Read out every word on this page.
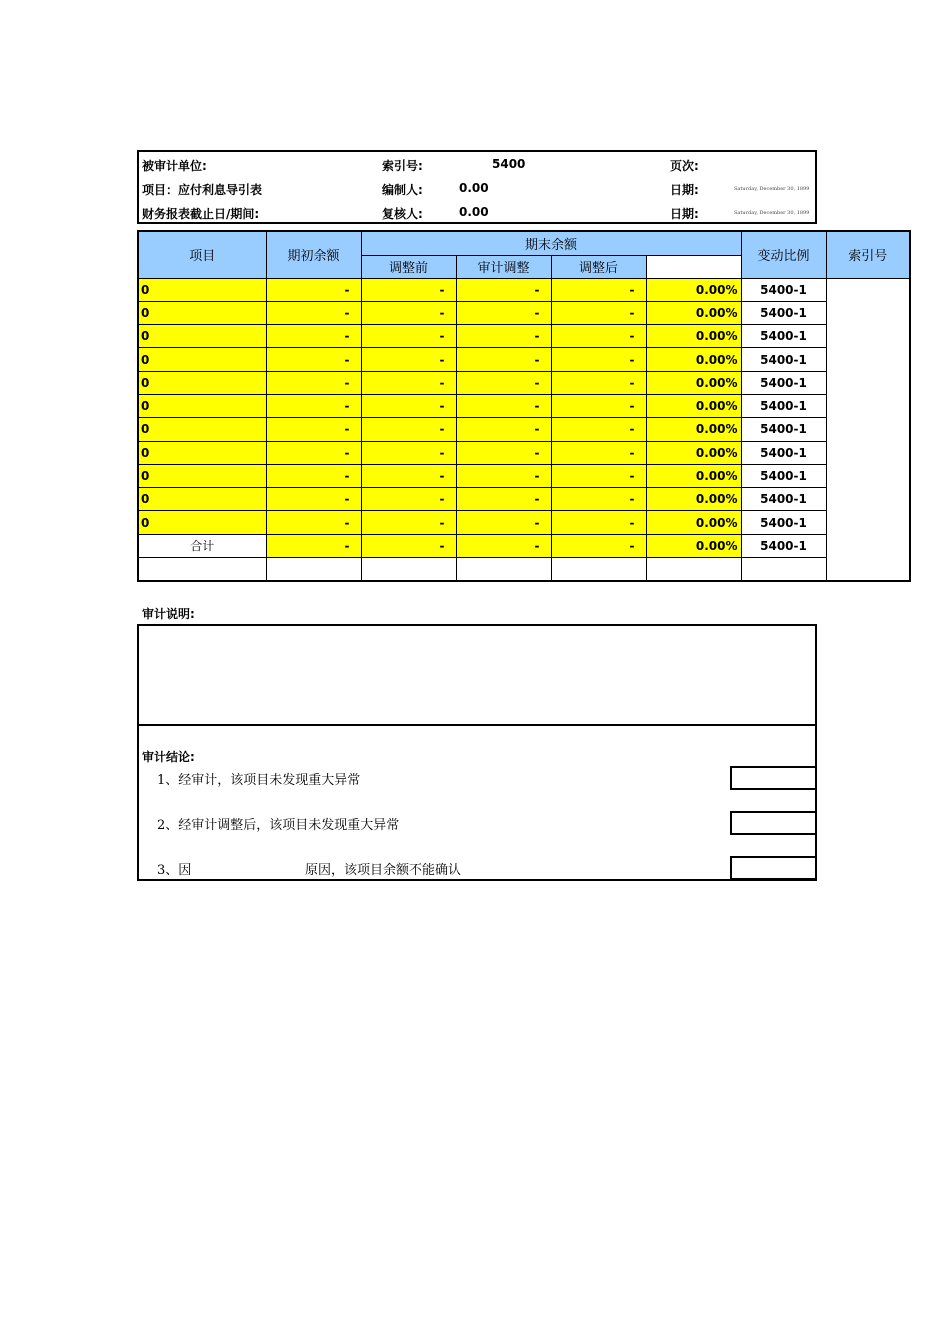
被审计单位:	索引号:	5400	页次:
项目：应付利息导引表	编制人:	0.00	日期:	Saturday, December 30, 1899
财务报表截止日/期间:	复核人:	0.00	日期:	Saturday, December 30, 1899
项目	期初余额	期末余额				变动比例	索引号
		调整前	审计调整	调整后			
0	-	-	-	-	0.00%	5400-1	
0	-	-	-	-	0.00%	5400-1	
0	-	-	-	-	0.00%	5400-1	
0	-	-	-	-	0.00%	5400-1	
0	-	-	-	-	0.00%	5400-1	
0	-	-	-	-	0.00%	5400-1	
0	-	-	-	-	0.00%	5400-1	
0	-	-	-	-	0.00%	5400-1	
0	-	-	-	-	0.00%	5400-1	
0	-	-	-	-	0.00%	5400-1	
0	-	-	-	-	0.00%	5400-1	
合计	-	-	-	-	0.00%	5400-1	

审计说明:
审计结论:
1、经审计，该项目未发现重大异常
2、经审计调整后，该项目未发现重大异常
3、因	原因，该项目余额不能确认
